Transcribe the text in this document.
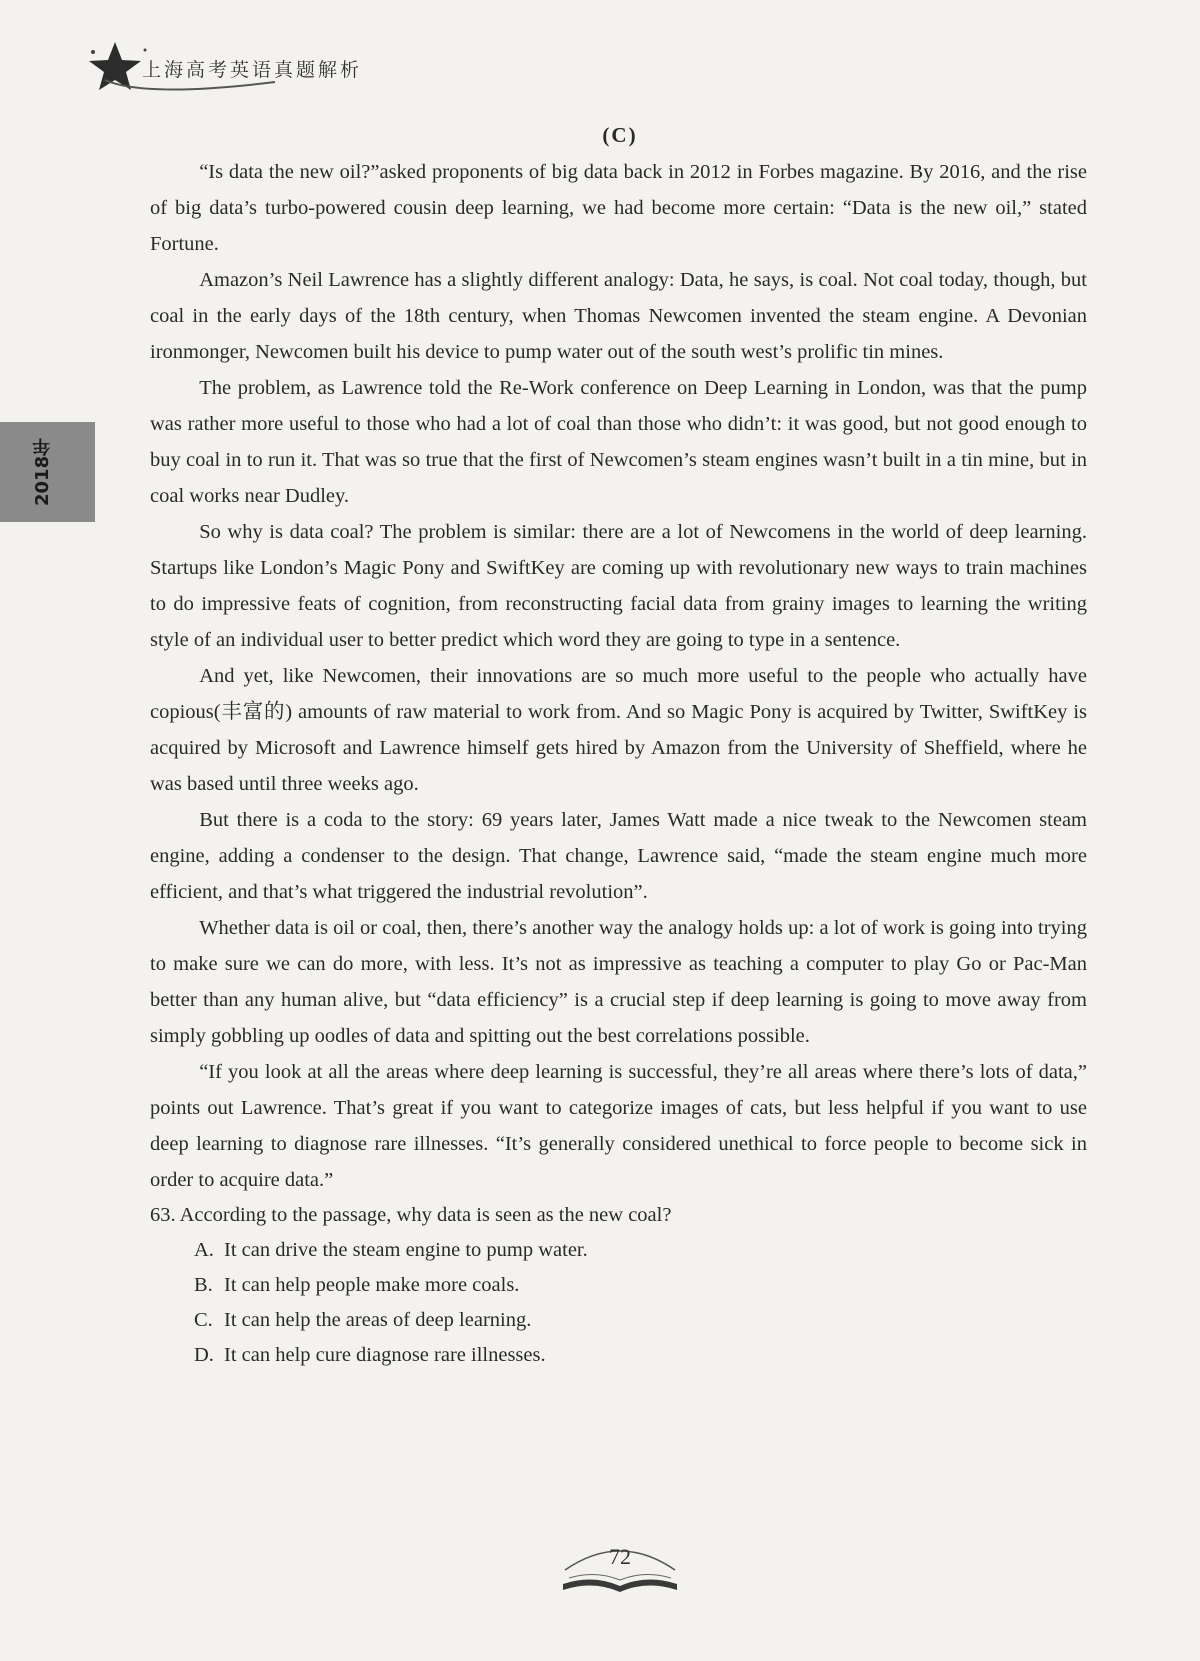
上海高考英语真题解析
2018年
(C)

“Is data the new oil?”asked proponents of big data back in 2012 in Forbes magazine. By 2016, and the rise of big data’s turbo-powered cousin deep learning, we had become more certain: “Data is the new oil,” stated Fortune.

Amazon’s Neil Lawrence has a slightly different analogy: Data, he says, is coal. Not coal today, though, but coal in the early days of the 18th century, when Thomas Newcomen invented the steam engine. A Devonian ironmonger, Newcomen built his device to pump water out of the south west’s prolific tin mines.

The problem, as Lawrence told the Re-Work conference on Deep Learning in London, was that the pump was rather more useful to those who had a lot of coal than those who didn’t: it was good, but not good enough to buy coal in to run it. That was so true that the first of Newcomen’s steam engines wasn’t built in a tin mine, but in coal works near Dudley.

So why is data coal? The problem is similar: there are a lot of Newcomens in the world of deep learning. Startups like London’s Magic Pony and SwiftKey are coming up with revolutionary new ways to train machines to do impressive feats of cognition, from reconstructing facial data from grainy images to learning the writing style of an individual user to better predict which word they are going to type in a sentence.

And yet, like Newcomen, their innovations are so much more useful to the people who actually have copious(丰富的) amounts of raw material to work from. And so Magic Pony is acquired by Twitter, SwiftKey is acquired by Microsoft and Lawrence himself gets hired by Amazon from the University of Sheffield, where he was based until three weeks ago.

But there is a coda to the story: 69 years later, James Watt made a nice tweak to the Newcomen steam engine, adding a condenser to the design. That change, Lawrence said, “made the steam engine much more efficient, and that’s what triggered the industrial revolution”.

Whether data is oil or coal, then, there’s another way the analogy holds up: a lot of work is going into trying to make sure we can do more, with less. It’s not as impressive as teaching a computer to play Go or Pac-Man better than any human alive, but “data efficiency” is a crucial step if deep learning is going to move away from simply gobbling up oodles of data and spitting out the best correlations possible.

“If you look at all the areas where deep learning is successful, they’re all areas where there’s lots of data,” points out Lawrence. That’s great if you want to categorize images of cats, but less helpful if you want to use deep learning to diagnose rare illnesses. “It’s generally considered unethical to force people to become sick in order to acquire data.”

63. According to the passage, why data is seen as the new coal?

A. It can drive the steam engine to pump water.
B. It can help people make more coals.
C. It can help the areas of deep learning.
D. It can help cure diagnose rare illnesses.
72
